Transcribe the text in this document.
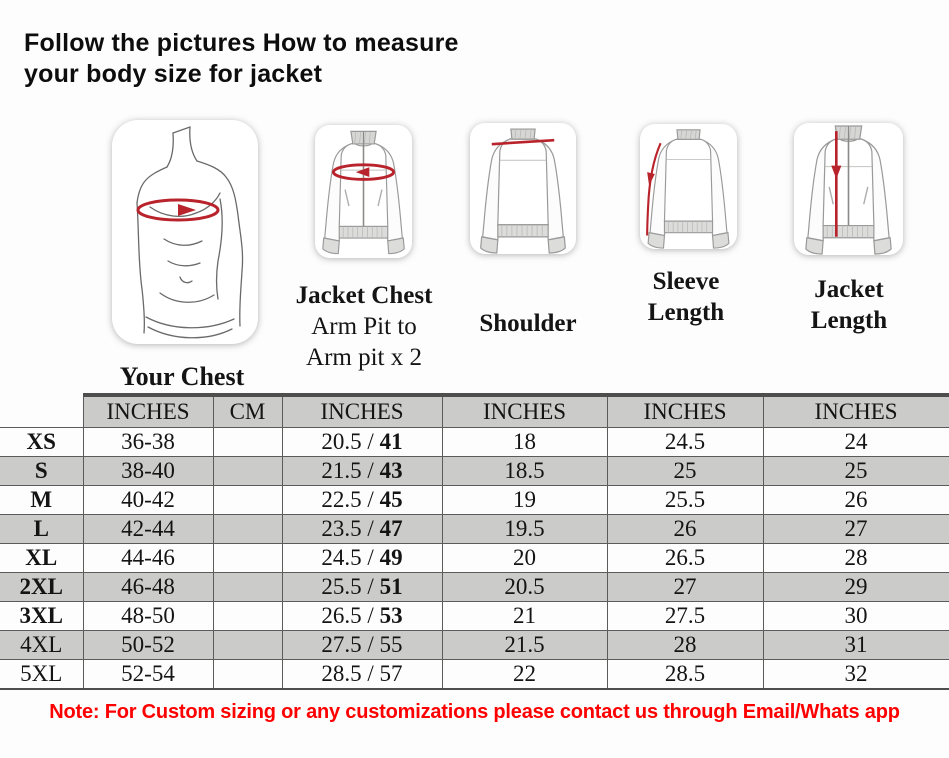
Follow the pictures How to measure
your body size for jacket
Jacket Chest
Arm Pit to
Arm pit x 2
Shoulder
Sleeve
Length
Jacket
Length
Your Chest
	INCHES	CM	INCHES	INCHES	INCHES	INCHES
XS	36-38		20.5 / 41	18	24.5	24
S	38-40		21.5 / 43	18.5	25	25
M	40-42		22.5 / 45	19	25.5	26
L	42-44		23.5 / 47	19.5	26	27
XL	44-46		24.5 / 49	20	26.5	28
2XL	46-48		25.5 / 51	20.5	27	29
3XL	48-50		26.5 / 53	21	27.5	30
4XL	50-52		27.5 / 55	21.5	28	31
5XL	52-54		28.5 / 57	22	28.5	32
Note: For Custom sizing or any customizations please contact us through Email/Whats app
